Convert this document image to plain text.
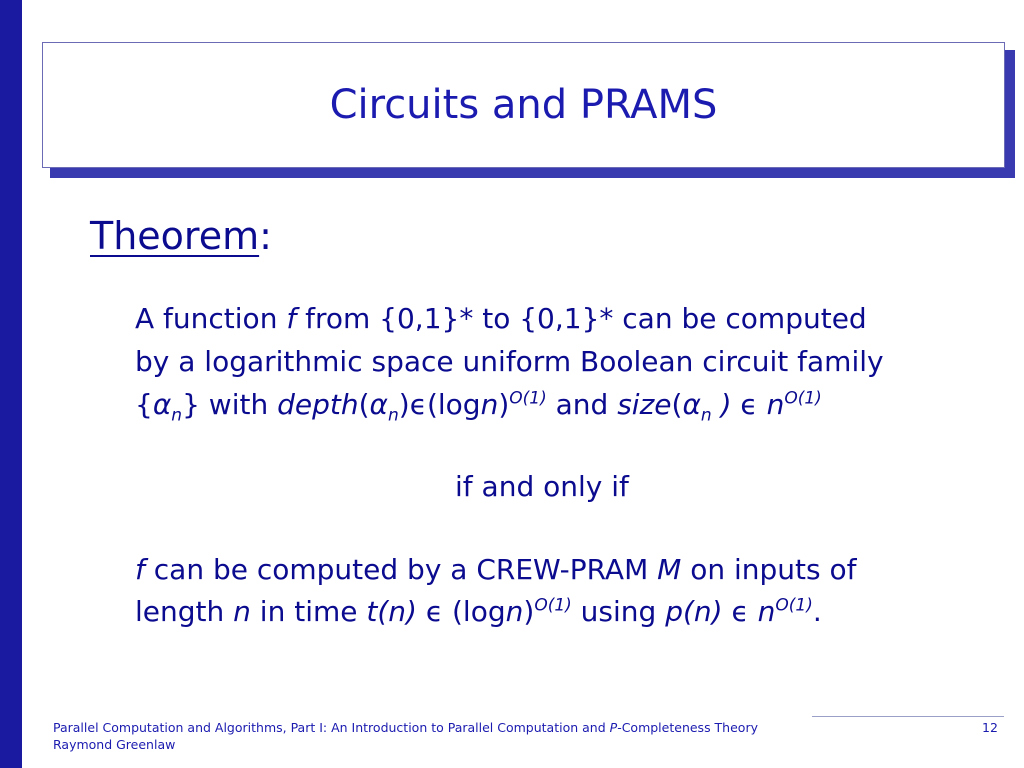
Circuits and PRAMS
Theorem:
A function f from {0,1}* to {0,1}* can be computed
by a logarithmic space uniform Boolean circuit family
$\{\alpha_n\}$ with $depth(\alpha_n)\epsilon(\log n)^{O(1)}$ and $size(\alpha_n$ ) ϵ $n^{O(1)}$
if and only if
f can be computed by a CREW-PRAM M on inputs of
length n in time t(n) ϵ $(\log n)^{O(1)}$ using p(n) ϵ $n^{O(1)}$.
Parallel Computation and Algorithms, Part I: An Introduction to Parallel Computation and P-Completeness Theory
Raymond Greenlaw
12
